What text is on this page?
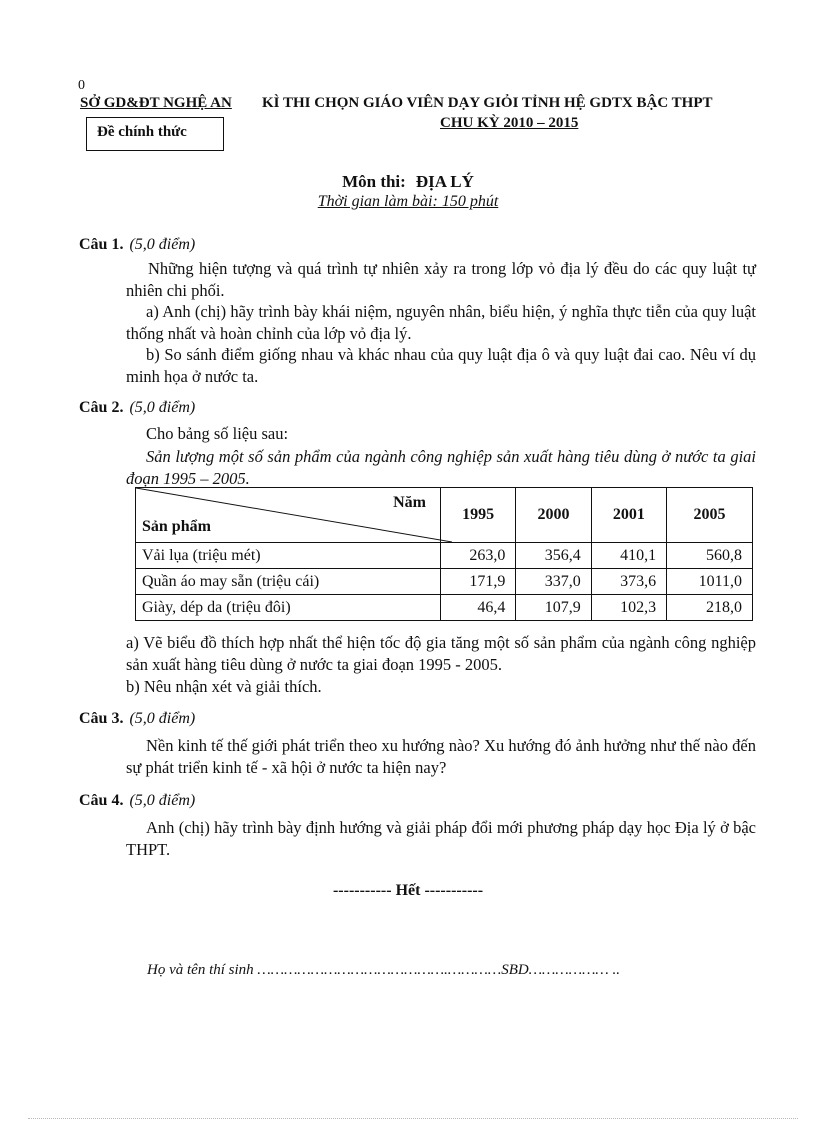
0
SỞ GD&ĐT NGHỆ AN KÌ THI CHỌN GIÁO VIÊN DẠY GIỎI TỈNH HỆ GDTX BẬC THPT
CHU KỲ 2010 – 2015
Đề chính thức
Môn thi: ĐỊA LÝ
Thời gian làm bài: 150 phút
Câu 1. (5,0 điểm)
Những hiện tượng và quá trình tự nhiên xảy ra trong lớp vỏ địa lý đều do các quy luật tự nhiên chi phối.
a) Anh (chị) hãy trình bày khái niệm, nguyên nhân, biểu hiện, ý nghĩa thực tiễn của quy luật thống nhất và hoàn chỉnh của lớp vỏ địa lý.
b) So sánh điểm giống nhau và khác nhau của quy luật địa ô và quy luật đai cao. Nêu ví dụ minh họa ở nước ta.
Câu 2. (5,0 điểm)
Cho bảng số liệu sau:
Sản lượng một số sản phẩm của ngành công nghiệp sản xuất hàng tiêu dùng ở nước ta giai đoạn 1995 – 2005.
Năm
Sản phẩm	1995	2000	2001	2005
Vải lụa (triệu mét)	263,0	356,4	410,1	560,8
Quần áo may sẵn (triệu cái)	171,9	337,0	373,6	1011,0
Giày, dép da (triệu đôi)	46,4	107,9	102,3	218,0
a) Vẽ biểu đồ thích hợp nhất thể hiện tốc độ gia tăng một số sản phẩm của ngành công nghiệp sản xuất hàng tiêu dùng ở nước ta giai đoạn 1995 - 2005.
b) Nêu nhận xét và giải thích.
Câu 3. (5,0 điểm)
Nền kinh tế thế giới phát triển theo xu hướng nào? Xu hướng đó ảnh hưởng như thế nào đến sự phát triển kinh tế - xã hội ở nước ta hiện nay?
Câu 4. (5,0 điểm)
Anh (chị) hãy trình bày định hướng và giải pháp đổi mới phương pháp dạy học Địa lý ở bậc THPT.
----------- Hết -----------
Họ và tên thí sinh …………………………………….…………SBD……………… ..
